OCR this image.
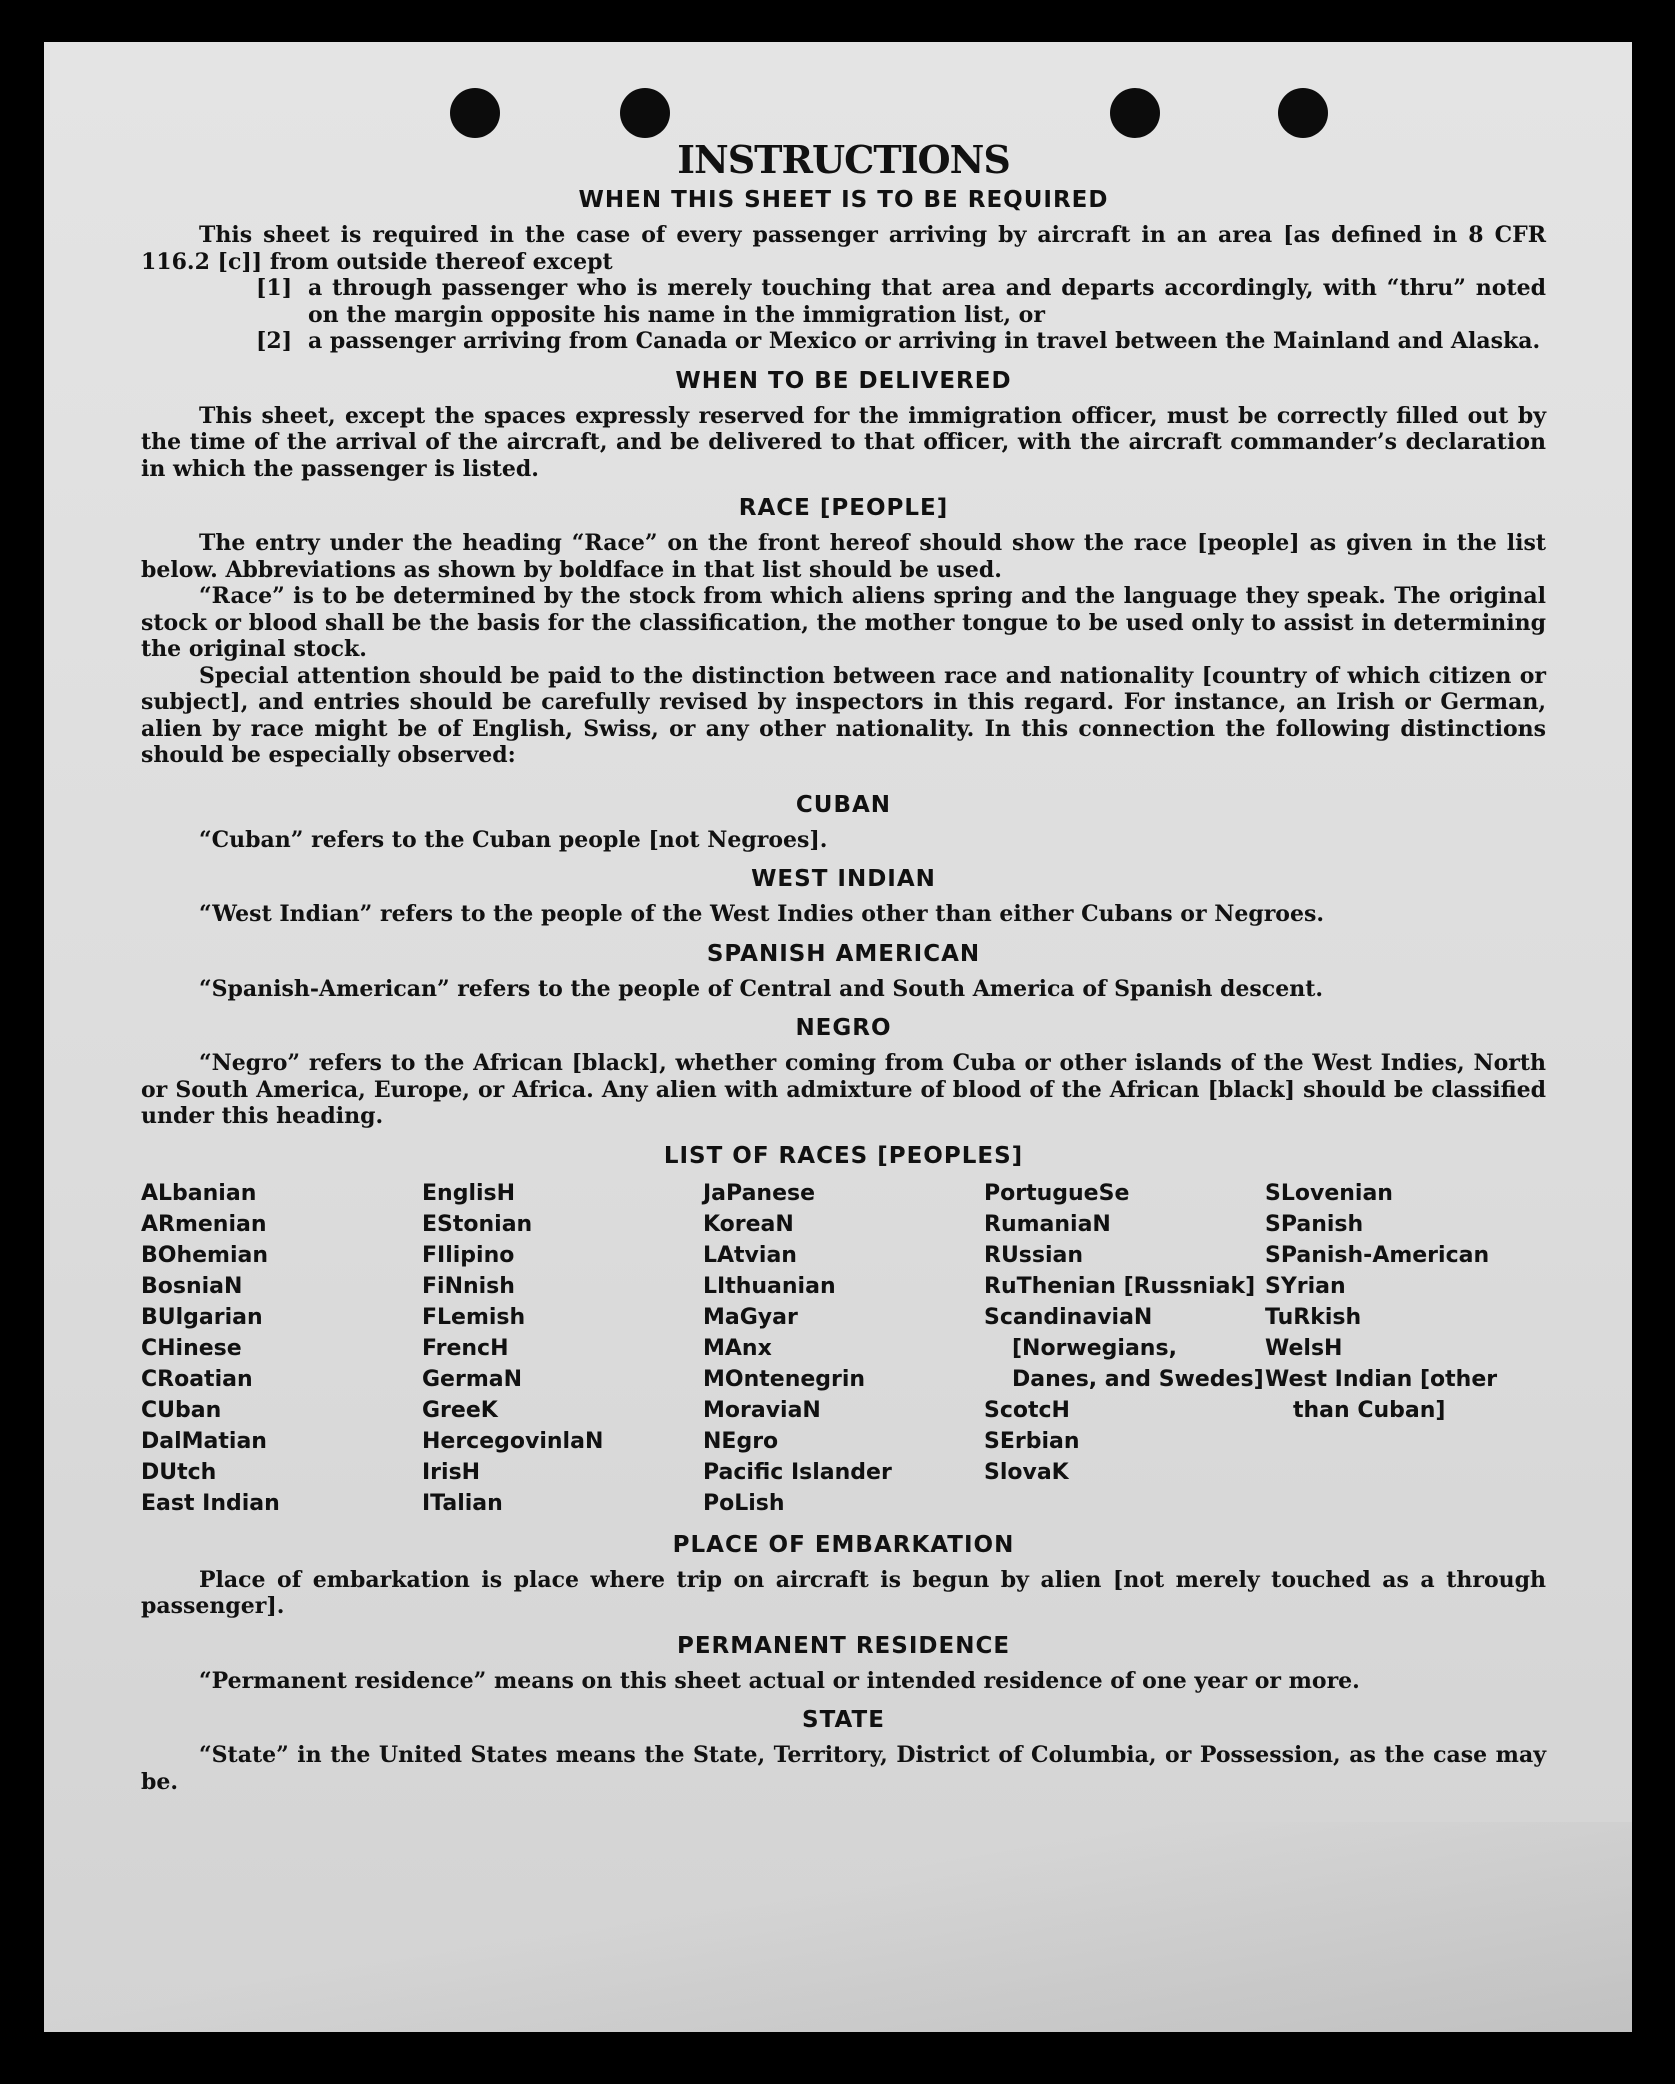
INSTRUCTIONS
WHEN THIS SHEET IS TO BE REQUIRED

This sheet is required in the case of every passenger arriving by aircraft in an area [as defined in 8 CFR 116.2 [c]] from outside thereof except

[1] a through passenger who is merely touching that area and departs accordingly, with “thru” noted on the margin opposite his name in the immigration list, or
[2] a passenger arriving from Canada or Mexico or arriving in travel between the Mainland and Alaska.
WHEN TO BE DELIVERED

This sheet, except the spaces expressly reserved for the immigration officer, must be correctly filled out by the time of the arrival of the aircraft, and be delivered to that officer, with the aircraft commander’s declaration in which the passenger is listed.

RACE [PEOPLE]

The entry under the heading “Race” on the front hereof should show the race [people] as given in the list below. Abbreviations as shown by boldface in that list should be used.

“Race” is to be determined by the stock from which aliens spring and the language they speak. The original stock or blood shall be the basis for the classification, the mother tongue to be used only to assist in determining the original stock.

Special attention should be paid to the distinction between race and nationality [country of which citizen or subject], and entries should be carefully revised by inspectors in this regard. For instance, an Irish or German, alien by race might be of English, Swiss, or any other nationality. In this connection the following distinctions should be especially observed:

CUBAN

“Cuban” refers to the Cuban people [not Negroes].

WEST INDIAN

“West Indian” refers to the people of the West Indies other than either Cubans or Negroes.

SPANISH AMERICAN

“Spanish-American” refers to the people of Central and South America of Spanish descent.

NEGRO

“Negro” refers to the African [black], whether coming from Cuba or other islands of the West Indies, North or South America, Europe, or Africa. Any alien with admixture of blood of the African [black] should be classified under this heading.

LIST OF RACES [PEOPLES]
ALbanian
ARmenian
BOhemian
BosniaN
BUlgarian
CHinese
CRoatian
CUban
DalMatian
DUtch
East Indian
EnglisH
EStonian
FIlipino
FiNnish
FLemish
FrencH
GermaN
GreeK
HercegovinlaN
IrisH
ITalian
JaPanese
KoreaN
LAtvian
LIthuanian
MaGyar
MAnx
MOntenegrin
MoraviaN
NEgro
Pacific Islander
PoLish
PortugueSe
RumaniaN
RUssian
RuThenian [Russniak]
ScandinaviaN [Norwegians, Danes, and Swedes]
ScotcH
SErbian
SlovaK
SLovenian
SPanish
SPanish-American
SYrian
TuRkish
WelsH
West Indian [other than Cuban]
PLACE OF EMBARKATION

Place of embarkation is place where trip on aircraft is begun by alien [not merely touched as a through passenger].

PERMANENT RESIDENCE

“Permanent residence” means on this sheet actual or intended residence of one year or more.

STATE

“State” in the United States means the State, Territory, District of Columbia, or Possession, as the case may be.
